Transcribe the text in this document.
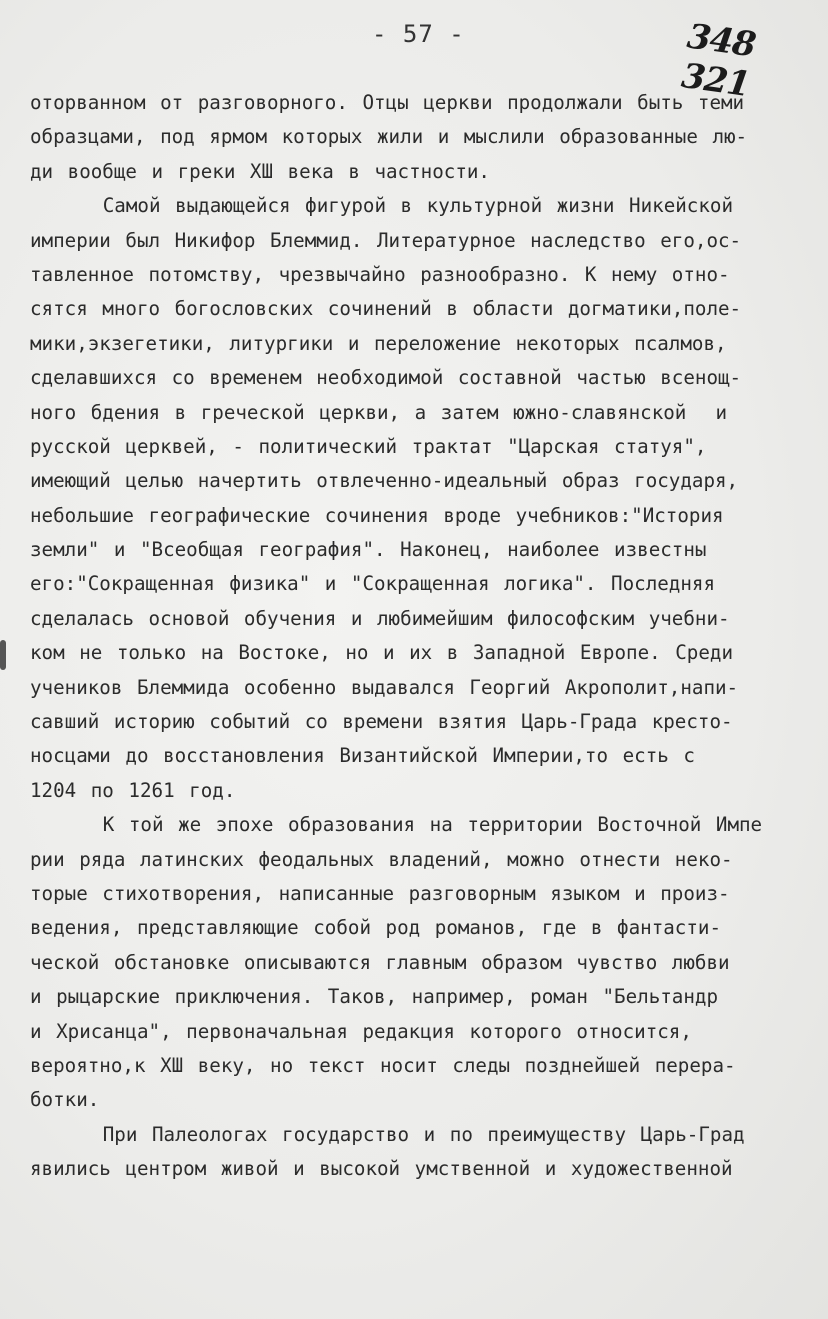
- 57 -	348 321
оторванном от разговорного. Отцы церкви продолжали быть теми
образцами, под ярмом которых жили и мыслили образованные лю-
ди вообще и греки XШ века в частности.
Самой выдающейся фигурой в культурной жизни Никейской
империи был Никифор Блеммид. Литературное наследство его,ос-
тавленное потомству, чрезвычайно разнообразно. К нему отно-
сятся много богословских сочинений в области догматики,поле-
мики,экзегетики, литургики и переложение некоторых псалмов,
сделавшихся со временем необходимой составной частью всенощ-
ного бдения в греческой церкви, а затем южно-славянской  и
русской церквей, - политический трактат "Царская статуя",
имеющий целью начертить отвлеченно-идеальный образ государя,
небольшие географические сочинения вроде учебников:"История
земли" и "Всеобщая география". Наконец, наиболее известны
его:"Сокращенная физика" и "Сокращенная логика". Последняя
сделалась основой обучения и любимейшим философским учебни-
ком не только на Востоке, но и их в Западной Европе. Среди
учеников Блеммида особенно выдавался Георгий Акрополит,напи-
савший историю событий со времени взятия Царь-Града кресто-
носцами до восстановления Византийской Империи,то есть с
1204 по 1261 год.
К той же эпохе образования на территории Восточной Импе
рии ряда латинских феодальных владений, можно отнести неко-
торые стихотворения, написанные разговорным языком и произ-
ведения, представляющие собой род романов, где в фантасти-
ческой обстановке описываются главным образом чувство любви
и рыцарские приключения. Таков, например, роман "Бельтандр
и Хрисанца", первоначальная редакция которого относится,
вероятно,к XШ веку, но текст носит следы позднейшей перера-
ботки.
При Палеологах государство и по преимуществу Царь-Град
явились центром живой и высокой умственной и художественной
